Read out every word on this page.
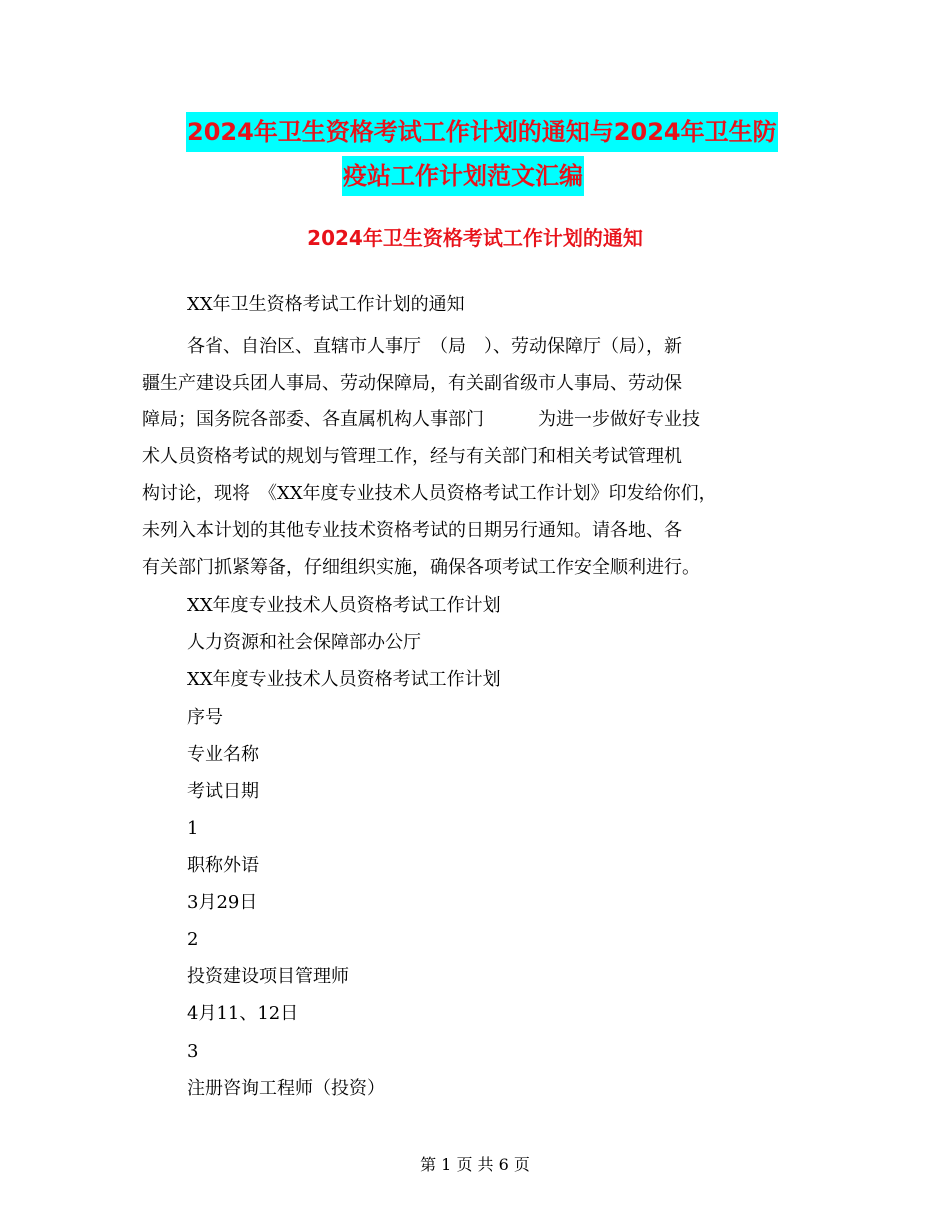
2024年卫生资格考试工作计划的通知与2024年卫生防
疫站工作计划范文汇编
2024年卫生资格考试工作计划的通知
XX年卫生资格考试工作计划的通知
各省、自治区、直辖市人事厅　（局　）、劳动保障厅（局），新
疆生产建设兵团人事局、劳动保障局，有关副省级市人事局、劳动保
障局；国务院各部委、各直属机构人事部门　　　为进一步做好专业技
术人员资格考试的规划与管理工作，经与有关部门和相关考试管理机
构讨论，现将　《XX年度专业技术人员资格考试工作计划》印发给你们，
未列入本计划的其他专业技术资格考试的日期另行通知。请各地、各
有关部门抓紧筹备，仔细组织实施，确保各项考试工作安全顺利进行。
XX年度专业技术人员资格考试工作计划
人力资源和社会保障部办公厅
XX年度专业技术人员资格考试工作计划
序号
专业名称
考试日期
1
职称外语
3月29日
2
投资建设项目管理师
4月11、12日
3
注册咨询工程师（投资）
第 1 页 共 6 页
